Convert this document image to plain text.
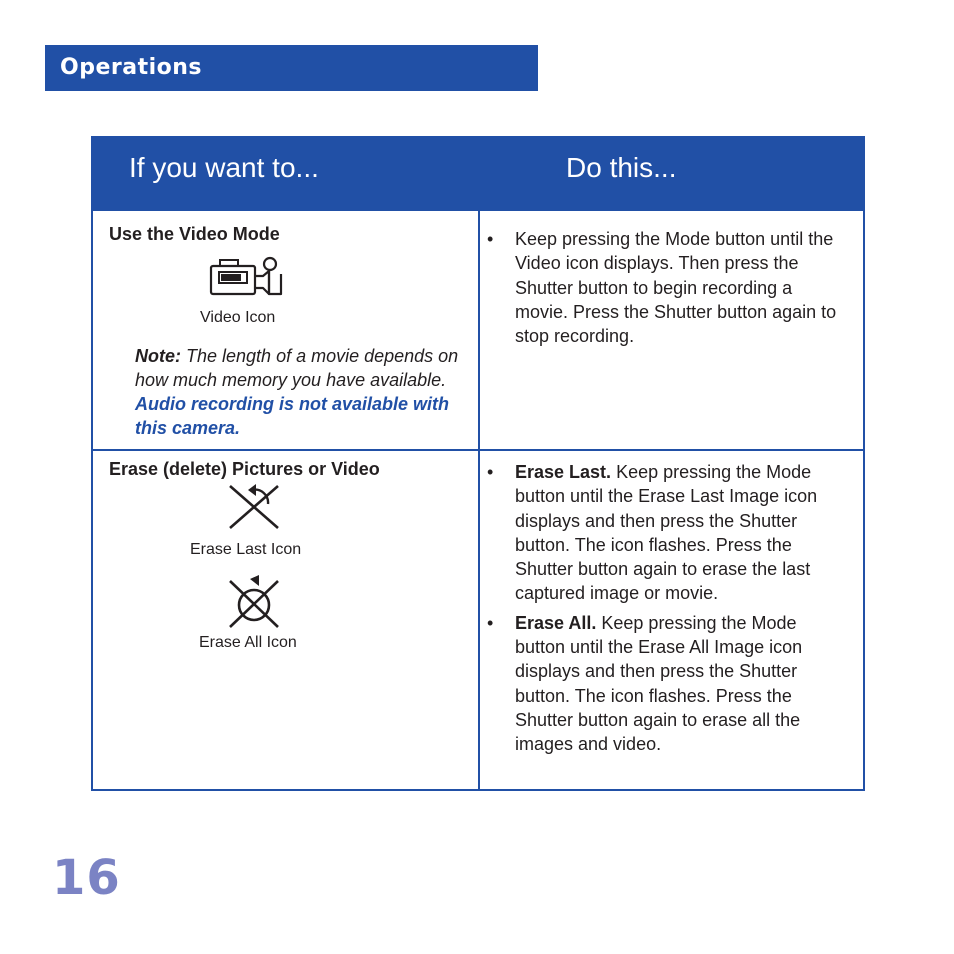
Operations
If you want to...	Do this...

Use the Video Mode

Video Icon

Note: The length of a movie depends on how much memory you have available. Audio recording is not available with this camera.

• Keep pressing the Mode button until the Video icon displays. Then press the Shutter button to begin recording a movie. Press the Shutter button again to stop recording.

Erase (delete) Pictures or Video

Erase Last Icon
Erase All Icon
• Erase Last. Keep pressing the Mode button until the Erase Last Image icon displays and then press the Shutter button. The icon flashes. Press the Shutter button again to erase the last captured image or movie.
• Erase All. Keep pressing the Mode button until the Erase All Image icon displays and then press the Shutter button. The icon flashes. Press the Shutter button again to erase all the images and video.

16
